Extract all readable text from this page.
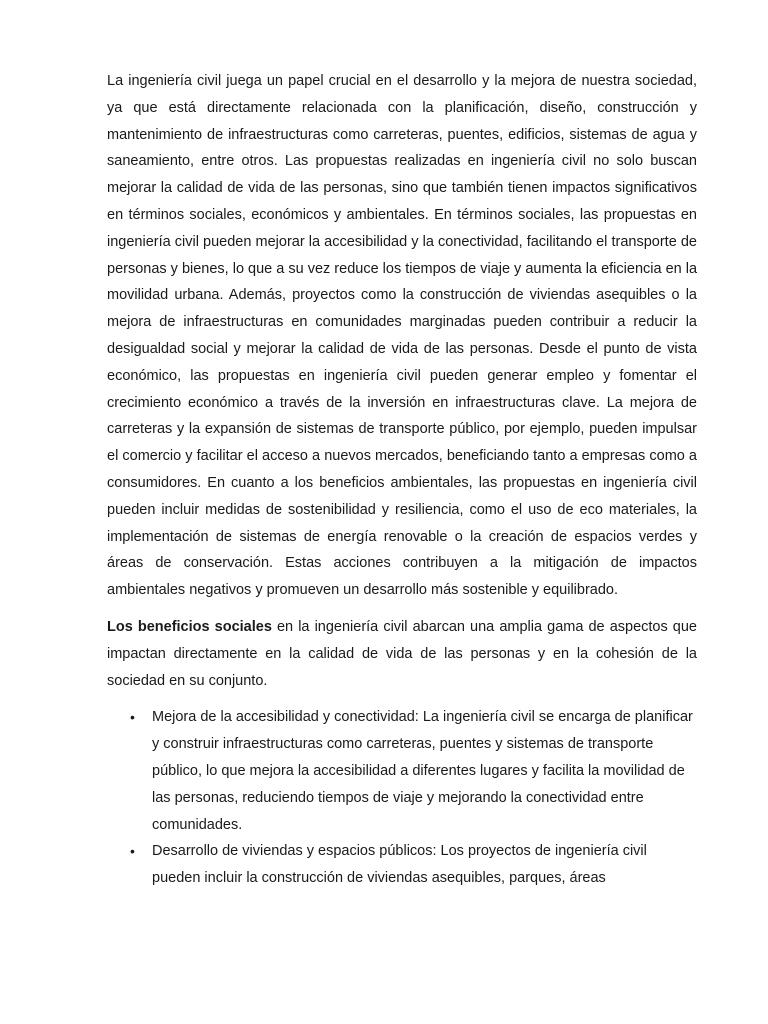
La ingeniería civil juega un papel crucial en el desarrollo y la mejora de nuestra sociedad, ya que está directamente relacionada con la planificación, diseño, construcción y mantenimiento de infraestructuras como carreteras, puentes, edificios, sistemas de agua y saneamiento, entre otros. Las propuestas realizadas en ingeniería civil no solo buscan mejorar la calidad de vida de las personas, sino que también tienen impactos significativos en términos sociales, económicos y ambientales. En términos sociales, las propuestas en ingeniería civil pueden mejorar la accesibilidad y la conectividad, facilitando el transporte de personas y bienes, lo que a su vez reduce los tiempos de viaje y aumenta la eficiencia en la movilidad urbana. Además, proyectos como la construcción de viviendas asequibles o la mejora de infraestructuras en comunidades marginadas pueden contribuir a reducir la desigualdad social y mejorar la calidad de vida de las personas. Desde el punto de vista económico, las propuestas en ingeniería civil pueden generar empleo y fomentar el crecimiento económico a través de la inversión en infraestructuras clave. La mejora de carreteras y la expansión de sistemas de transporte público, por ejemplo, pueden impulsar el comercio y facilitar el acceso a nuevos mercados, beneficiando tanto a empresas como a consumidores. En cuanto a los beneficios ambientales, las propuestas en ingeniería civil pueden incluir medidas de sostenibilidad y resiliencia, como el uso de eco materiales, la implementación de sistemas de energía renovable o la creación de espacios verdes y áreas de conservación. Estas acciones contribuyen a la mitigación de impactos ambientales negativos y promueven un desarrollo más sostenible y equilibrado.

Los beneficios sociales en la ingeniería civil abarcan una amplia gama de aspectos que impactan directamente en la calidad de vida de las personas y en la cohesión de la sociedad en su conjunto.

• Mejora de la accesibilidad y conectividad: La ingeniería civil se encarga de planificar y construir infraestructuras como carreteras, puentes y sistemas de transporte público, lo que mejora la accesibilidad a diferentes lugares y facilita la movilidad de las personas, reduciendo tiempos de viaje y mejorando la conectividad entre comunidades.
• Desarrollo de viviendas y espacios públicos: Los proyectos de ingeniería civil pueden incluir la construcción de viviendas asequibles, parques, áreas
